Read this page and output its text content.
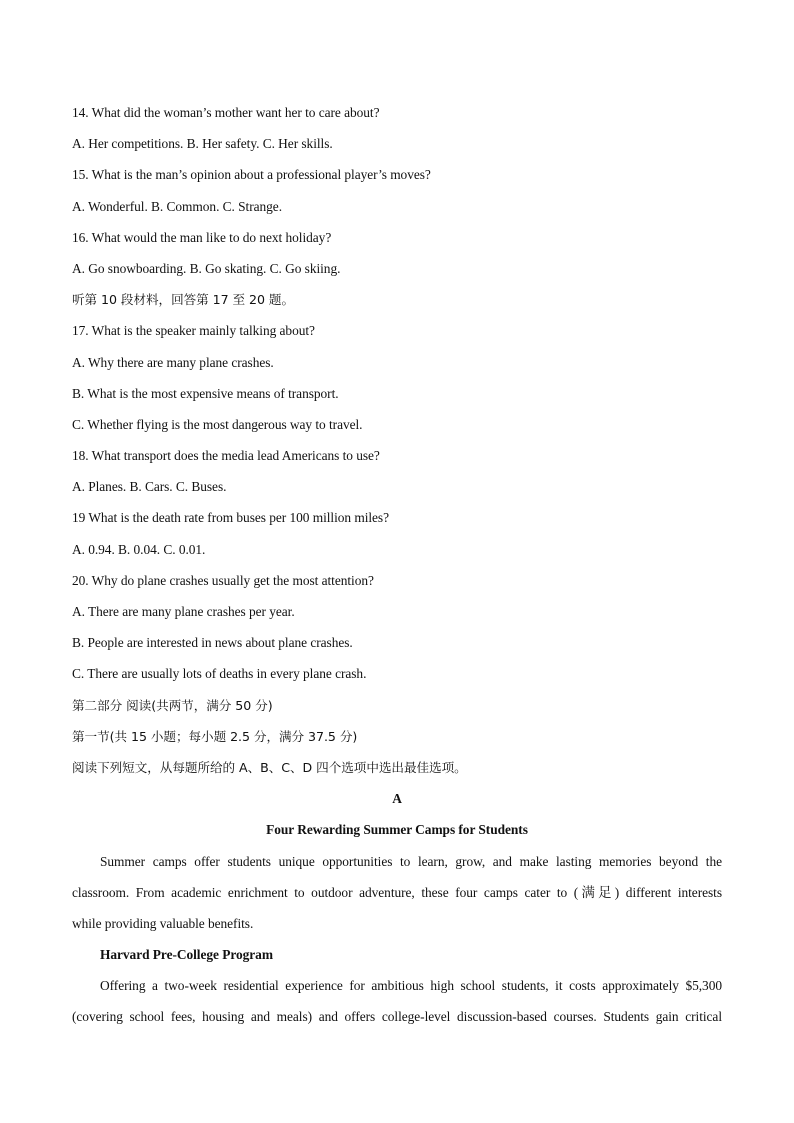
14. What did the woman’s mother want her to care about?
A. Her competitions. B. Her safety. C. Her skills.
15. What is the man’s opinion about a professional player’s moves?
A. Wonderful. B. Common. C. Strange.
16. What would the man like to do next holiday?
A. Go snowboarding. B. Go skating. C. Go skiing.
听第 10 段材料，回答第 17 至 20 题。
17. What is the speaker mainly talking about?
A. Why there are many plane crashes.
B. What is the most expensive means of transport.
C. Whether flying is the most dangerous way to travel.
18. What transport does the media lead Americans to use?
A. Planes. B. Cars. C. Buses.
19 What is the death rate from buses per 100 million miles?
A. 0.94. B. 0.04. C. 0.01.
20. Why do plane crashes usually get the most attention?
A. There are many plane crashes per year.
B. People are interested in news about plane crashes.
C. There are usually lots of deaths in every plane crash.
第二部分 阅读(共两节，满分 50 分)
第一节(共 15 小题；每小题 2.5 分，满分 37.5 分)
阅读下列短文，从每题所给的 A、B、C、D 四个选项中选出最佳选项。
A
Four Rewarding Summer Camps for Students
Summer camps offer students unique opportunities to learn, grow, and make lasting memories beyond the
classroom. From academic enrichment to outdoor adventure, these four camps cater to (满足) different interests
while providing valuable benefits.
Harvard Pre-College Program
Offering a two-week residential experience for ambitious high school students, it costs approximately $5,300
(covering school fees, housing and meals) and offers college-level discussion-based courses. Students gain critical
